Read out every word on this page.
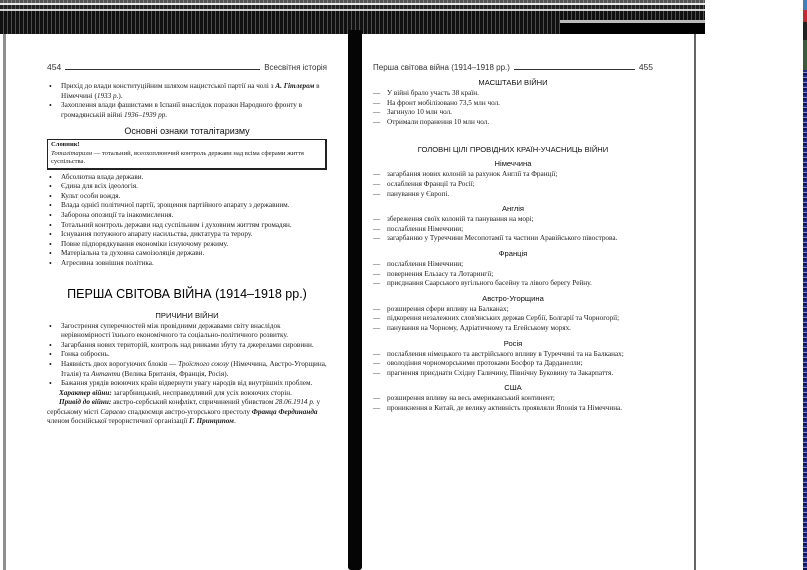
454	Всесвітня історія
• Прихід до влади конституційним шляхом нацистської партії на чолі з А. Гітлером в Німеччині (1933 р.).
• Захоплення влади фашистами в Іспанії внаслідок поразки Народного фронту в громадянській війні 1936–1939 рр.
Основні ознаки тоталітаризму
Словник!
Тоталітаризм — тотальний, всеохоплюючий контроль держави над всіма сферами життя суспільства.
• Абсолютна влада держави.
• Єдина для всіх ідеологія.
• Культ особи вождя.
• Влада однієї політичної партії, зрощення партійного апарату з державним.
• Заборона опозиції та інакомислення.
• Тотальний контроль держави над суспільним і духовним життям громадян.
• Існування потужного апарату насильства, диктатура та терору.
• Повне підпорядкування економіки існуючому режиму.
• Матеріальна та духовна самоізоляція держави.
• Агресивна зовнішня політика.
ПЕРША СВІТОВА ВІЙНА (1914–1918 рр.)
ПРИЧИНИ ВІЙНИ
• Загострення суперечностей між провідними державами світу внаслідок нерівномірності їхнього економічного та соціально-політичного розвитку.
• Загарбання нових територій, контроль над ринками збуту та джерелами сировини.
• Гонка озброєнь.
• Наявність двох ворогуючих блоків — Троїстого союзу (Німеччина, Австро-Угорщина, Італія) та Антанти (Велика Британія, Франція, Росія).
• Бажання урядів воюючих країн відвернути увагу народів від внутрішніх проблем.

Характер війни: загарбницький, несправедливий для усіх воюючих сторін.

Привід до війни: австро-сербський конфлікт, спричинений убивством 28.06.1914 р. у сербському місті Сараєво спадкоємця австро-угорського престолу Франца Фердинанда членом боснійської терористичної організації Г. Принципом.

Перша світова війна (1914–1918 рр.)	455
МАСШТАБИ ВІЙНИ
— У війні брало участь 38 країн.
— На фронт мобілізовано 73,5 млн чол.
— Загинуло 10 млн чол.
— Отримали поранення 10 млн чол.
ГОЛОВНІ ЦІЛІ ПРОВІДНИХ КРАЇН-УЧАСНИЦЬ ВІЙНИ
Німеччина
— загарбання нових колоній за рахунок Англії та Франції;
— ослаблення Франції та Росії;
— панування у Європі.
Англія
— збереження своїх колоній та панування на морі;
— послаблення Німеччини;
— загарбанню у Туреччини Месопотамії та частини Аравійського півострова.
Франція
— послаблення Німеччини;
— повернення Ельзасу та Лотарингії;
— приєднання Саарського вугільного басейну та лівого берегу Рейну.
Австро-Угорщина
— розширення сфери впливу на Балканах;
— підкорення незалежних слов'янських держав Сербії, Болгарії та Чорногорії;
— панування на Чорному, Адріатичному та Егейському морях.
Росія
— послаблення німецького та австрійського впливу в Туреччині та на Балканах;
— оволодіння чорноморськими протоками Босфор та Дарданелли;
— прагнення приєднати Східну Галичину, Північну Буковину та Закарпаття.
США
— розширення впливу на весь американський континент;
— проникнення в Китай, де велику активність проявляли Японія та Німеччина.
